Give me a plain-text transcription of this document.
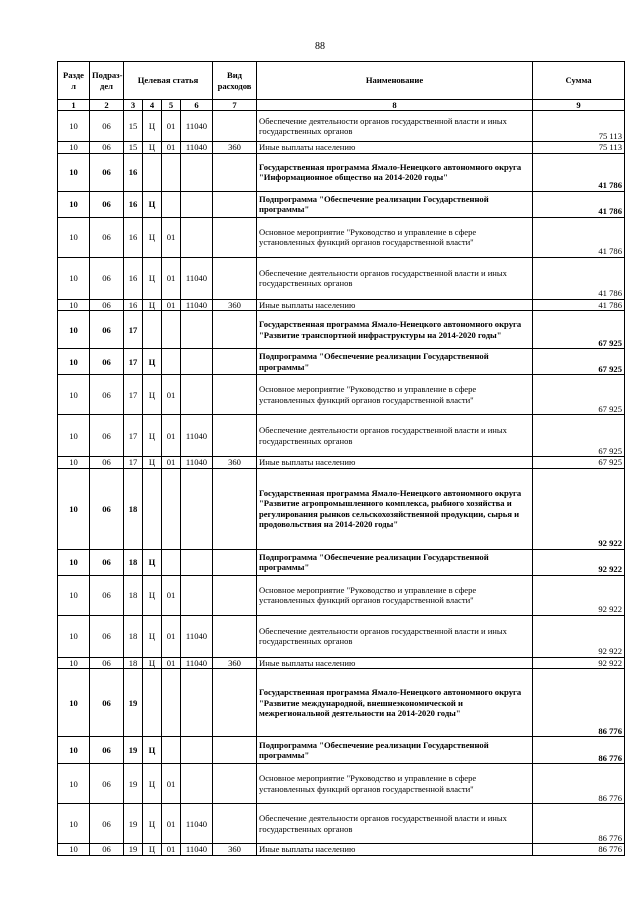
88
Разде л	Подраз- дел	Целевая статья				Вид расходов	Наименование	Сумма
1	2	3	4	5	6	7	8	9
10	06	15	Ц	01	11040		Обеспечение деятельности органов государственной власти и иных государственных органов	75 113
10	06	15	Ц	01	11040	360	Иные выплаты населению	75 113
10	06	16					Государственная программа Ямало-Ненецкого автономного округа "Информационное общество на 2014-2020 годы"	41 786
10	06	16	Ц				Подпрограмма "Обеспечение реализации Государственной программы"	41 786
10	06	16	Ц	01			Основное мероприятие "Руководство и управление в сфере установленных функций органов государственной власти"	41 786
10	06	16	Ц	01	11040		Обеспечение деятельности органов государственной власти и иных государственных органов	41 786
10	06	16	Ц	01	11040	360	Иные выплаты населению	41 786
10	06	17					Государственная программа Ямало-Ненецкого автономного округа "Развитие транспортной инфраструктуры на 2014-2020 годы"	67 925
10	06	17	Ц				Подпрограмма "Обеспечение реализации Государственной программы"	67 925
10	06	17	Ц	01			Основное мероприятие "Руководство и управление в сфере установленных функций органов государственной власти"	67 925
10	06	17	Ц	01	11040		Обеспечение деятельности органов государственной власти и иных государственных органов	67 925
10	06	17	Ц	01	11040	360	Иные выплаты населению	67 925
10	06	18					Государственная программа Ямало-Ненецкого автономного округа "Развитие агропромышленного комплекса, рыбного хозяйства и регулирования рынков сельскохозяйственной продукции, сырья и продовольствия на 2014-2020 годы"	92 922
10	06	18	Ц				Подпрограмма "Обеспечение реализации Государственной программы"	92 922
10	06	18	Ц	01			Основное мероприятие "Руководство и управление в сфере установленных функций органов государственной власти"	92 922
10	06	18	Ц	01	11040		Обеспечение деятельности органов государственной власти и иных государственных органов	92 922
10	06	18	Ц	01	11040	360	Иные выплаты населению	92 922
10	06	19					Государственная программа Ямало-Ненецкого автономного округа "Развитие международной, внешнеэкономической и межрегиональной деятельности на 2014-2020 годы"	86 776
10	06	19	Ц				Подпрограмма "Обеспечение реализации Государственной программы"	86 776
10	06	19	Ц	01			Основное мероприятие "Руководство и управление в сфере установленных функций органов государственной власти"	86 776
10	06	19	Ц	01	11040		Обеспечение деятельности органов государственной власти и иных государственных органов	86 776
10	06	19	Ц	01	11040	360	Иные выплаты населению	86 776
